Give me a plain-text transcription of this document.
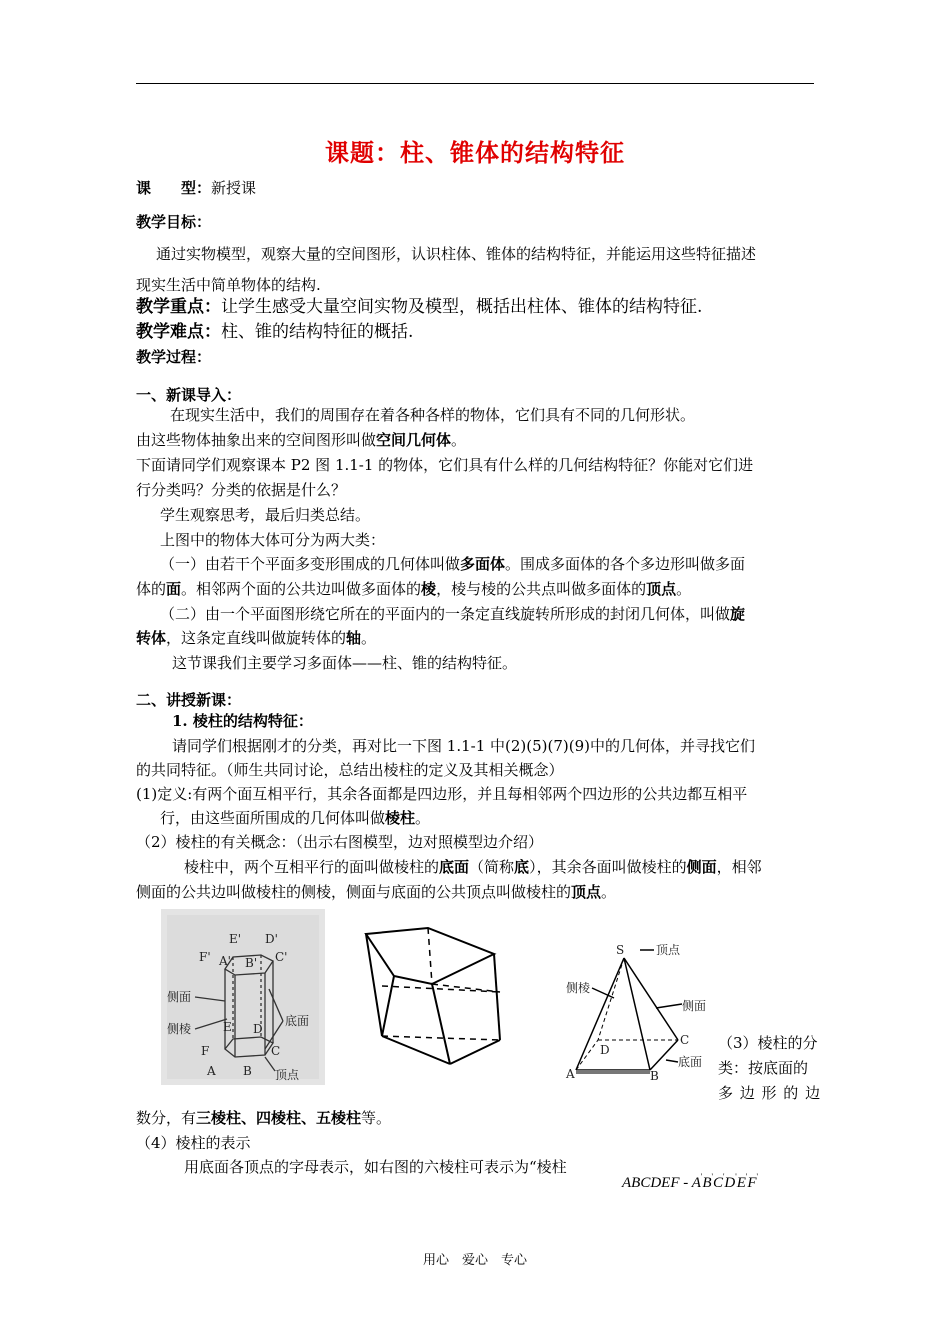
课题：柱、锥体的结构特征
课　　型：新授课
教学目标：
通过实物模型，观察大量的空间图形，认识柱体、锥体的结构特征，并能运用这些特征描述
现实生活中简单物体的结构.
教学重点：让学生感受大量空间实物及模型，概括出柱体、锥体的结构特征.
教学难点：柱、锥的结构特征的概括.
教学过程：
一、新课导入：
在现实生活中，我们的周围存在着各种各样的物体，它们具有不同的几何形状。
由这些物体抽象出来的空间图形叫做空间几何体。
下面请同学们观察课本 P2 图 1.1-1 的物体，它们具有什么样的几何结构特征？你能对它们进
行分类吗？分类的依据是什么？
学生观察思考，最后归类总结。
上图中的物体大体可分为两大类：
（一）由若干个平面多变形围成的几何体叫做多面体。围成多面体的各个多边形叫做多面
体的面。相邻两个面的公共边叫做多面体的棱，棱与棱的公共点叫做多面体的顶点。
（二）由一个平面图形绕它所在的平面内的一条定直线旋转所形成的封闭几何体，叫做旋
转体，这条定直线叫做旋转体的轴。
这节课我们主要学习多面体——柱、锥的结构特征。
二、讲授新课：
1. 棱柱的结构特征：
请同学们根据刚才的分类，再对比一下图 1.1-1 中(2)(5)(7)(9)中的几何体，并寻找它们
的共同特征。（师生共同讨论，总结出棱柱的定义及其相关概念）
(1)定义:有两个面互相平行，其余各面都是四边形，并且每相邻两个四边形的公共边都互相平
行，由这些面所围成的几何体叫做棱柱。
（2）棱柱的有关概念：（出示右图模型，边对照模型边介绍）
棱柱中，两个互相平行的面叫做棱柱的底面（简称底），其余各面叫做棱柱的侧面，相邻
侧面的公共边叫做棱柱的侧棱，侧面与底面的公共顶点叫做棱柱的顶点。
E' D'
F' A' B' C'
侧面
侧棱	E D
F	C
A B
底面
顶点
S	顶点
侧棱
侧面
D
C
A	B
底面
（3）棱柱的分
类：按底面的
多 边 形 的 边
数分，有三棱柱、四棱柱、五棱柱等。
（4）棱柱的表示
用底面各顶点的字母表示，如右图的六棱柱可表示为“棱柱
ABCDEF - A'B'C'D'E'F'
用心　爱心　专心
